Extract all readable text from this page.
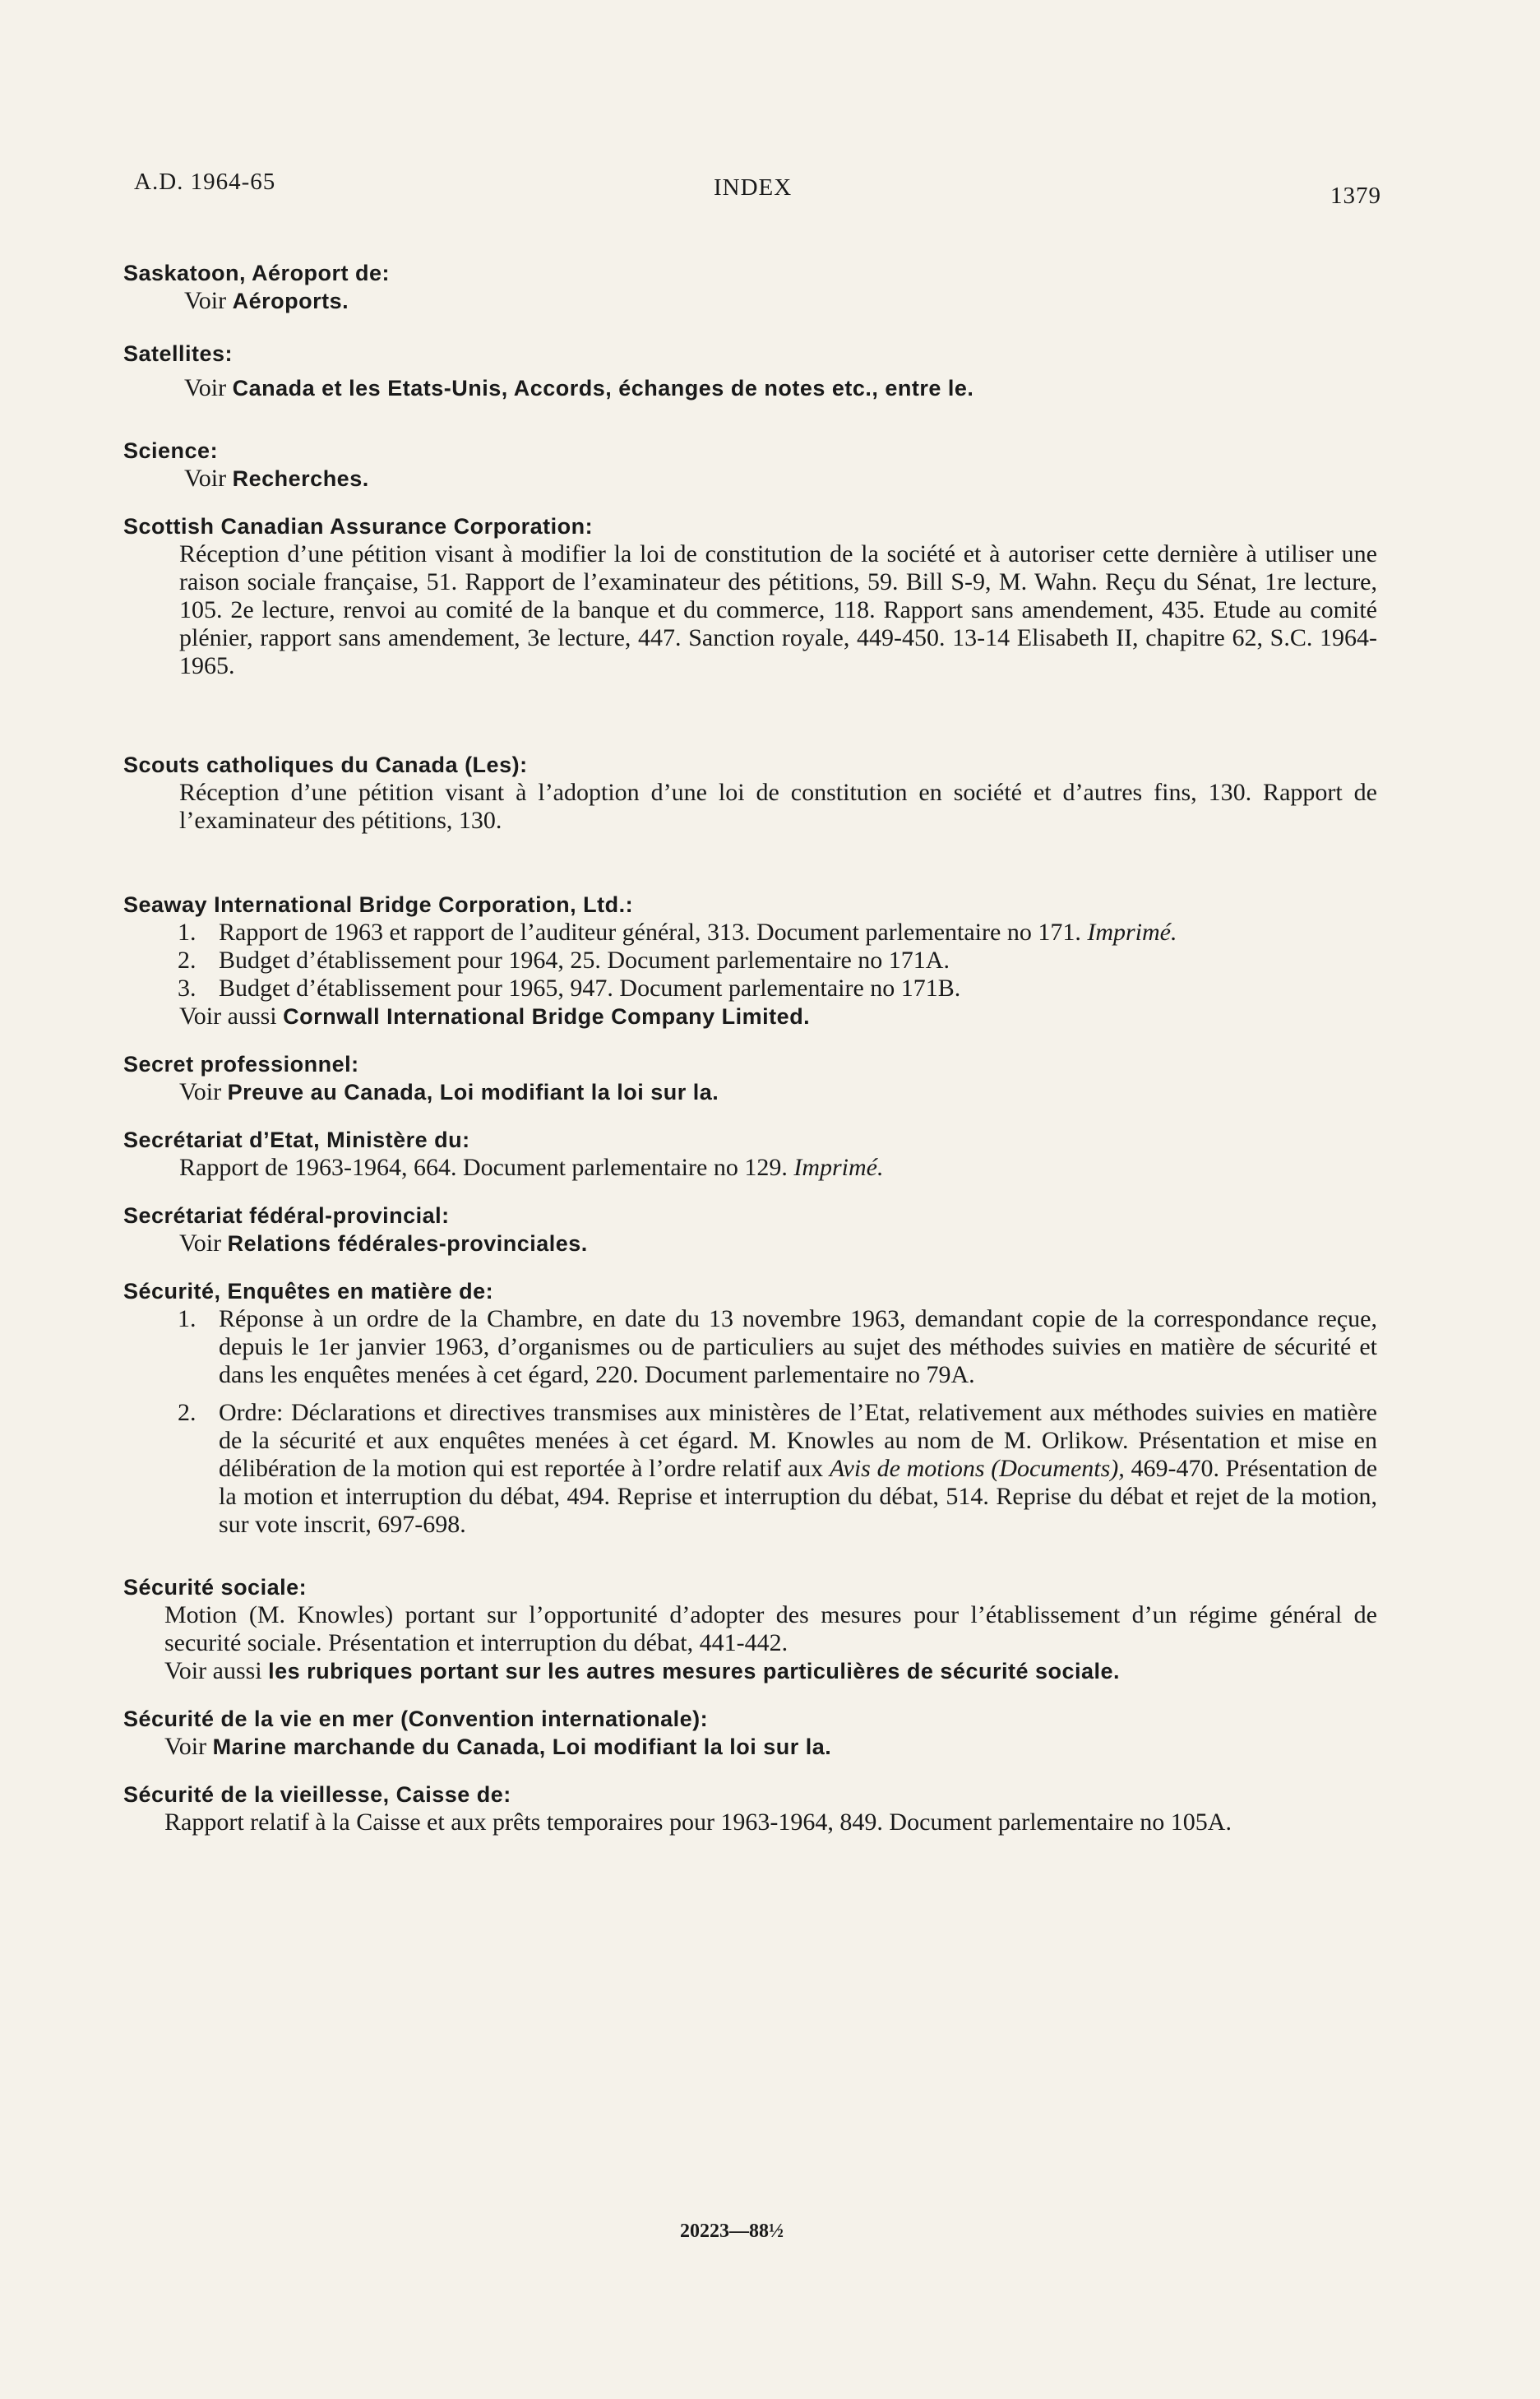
A.D. 1964-65	INDEX	1379
Saskatoon, Aéroport de:
Voir Aéroports.
Satellites:
Voir Canada et les Etats-Unis, Accords, échanges de notes etc., entre le.
Science:
Voir Recherches.
Scottish Canadian Assurance Corporation:
Réception d’une pétition visant à modifier la loi de constitution de la société et à autoriser cette dernière à utiliser une raison sociale française, 51. Rapport de l’examinateur des pétitions, 59. Bill S-9, M. Wahn. Reçu du Sénat, 1re lecture, 105. 2e lecture, renvoi au comité de la banque et du commerce, 118. Rapport sans amendement, 435. Etude au comité plénier, rapport sans amendement, 3e lecture, 447. Sanction royale, 449-450. 13-14 Elisabeth II, chapitre 62, S.C. 1964-1965.
Scouts catholiques du Canada (Les):
Réception d’une pétition visant à l’adoption d’une loi de constitution en société et d’autres fins, 130. Rapport de l’examinateur des pétitions, 130.
Seaway International Bridge Corporation, Ltd.:
1. Rapport de 1963 et rapport de l’auditeur général, 313. Document parlementaire no 171. Imprimé.
2. Budget d’établissement pour 1964, 25. Document parlementaire no 171A.
3. Budget d’établissement pour 1965, 947. Document parlementaire no 171B.
Voir aussi Cornwall International Bridge Company Limited.
Secret professionnel:
Voir Preuve au Canada, Loi modifiant la loi sur la.
Secrétariat d’Etat, Ministère du:
Rapport de 1963-1964, 664. Document parlementaire no 129. Imprimé.
Secrétariat fédéral-provincial:
Voir Relations fédérales-provinciales.
Sécurité, Enquêtes en matière de:
1. Réponse à un ordre de la Chambre, en date du 13 novembre 1963, demandant copie de la correspondance reçue, depuis le 1er janvier 1963, d’organismes ou de particuliers au sujet des méthodes suivies en matière de sécurité et dans les enquêtes menées à cet égard, 220. Document parlementaire no 79A.
2. Ordre: Déclarations et directives transmises aux ministères de l’Etat, relativement aux méthodes suivies en matière de la sécurité et aux enquêtes menées à cet égard. M. Knowles au nom de M. Orlikow. Présentation et mise en délibération de la motion qui est reportée à l’ordre relatif aux Avis de motions (Documents), 469-470. Présentation de la motion et interruption du débat, 494. Reprise et interruption du débat, 514. Reprise du débat et rejet de la motion, sur vote inscrit, 697-698.
Sécurité sociale:
Motion (M. Knowles) portant sur l’opportunité d’adopter des mesures pour l’établissement d’un régime général de securité sociale. Présentation et interruption du débat, 441-442.
Voir aussi les rubriques portant sur les autres mesures particulières de sécurité sociale.
Sécurité de la vie en mer (Convention internationale):
Voir Marine marchande du Canada, Loi modifiant la loi sur la.
Sécurité de la vieillesse, Caisse de:
Rapport relatif à la Caisse et aux prêts temporaires pour 1963-1964, 849. Document parlementaire no 105A.
20223—88½
